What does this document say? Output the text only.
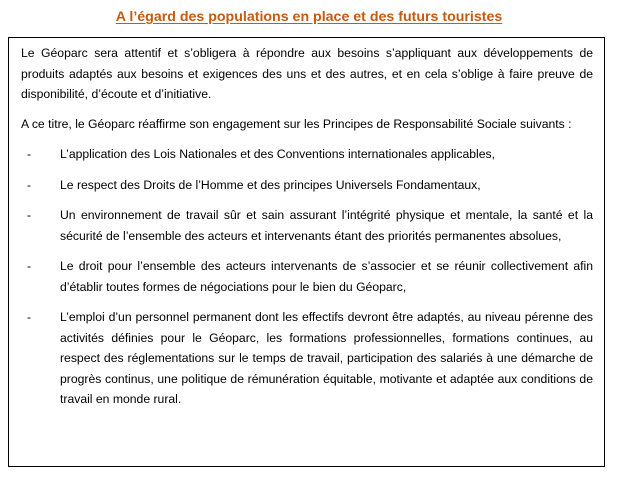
A l’égard des populations en place et des futurs touristes

Le Géoparc sera attentif et s’obligera à répondre aux besoins s’appliquant aux développements de produits adaptés aux besoins et exigences des uns et des autres, et en cela s’oblige à faire preuve de disponibilité, d’écoute et d’initiative.

A ce titre, le Géoparc réaffirme son engagement sur les Principes de Responsabilité Sociale suivants :

- L’application des Lois Nationales et des Conventions internationales applicables,
- Le respect des Droits de l’Homme et des principes Universels Fondamentaux,
- Un environnement de travail sûr et sain assurant l’intégrité physique et mentale, la santé et la sécurité de l’ensemble des acteurs et intervenants étant des priorités permanentes absolues,
- Le droit pour l’ensemble des acteurs intervenants de s’associer et se réunir collectivement afin d’établir toutes formes de négociations pour le bien du Géoparc,
- L’emploi d’un personnel permanent dont les effectifs devront être adaptés, au niveau pérenne des activités définies pour le Géoparc, les formations professionnelles, formations continues, au respect des réglementations sur le temps de travail, participation des salariés à une démarche de progrès continus, une politique de rémunération équitable, motivante et adaptée aux conditions de travail en monde rural.
